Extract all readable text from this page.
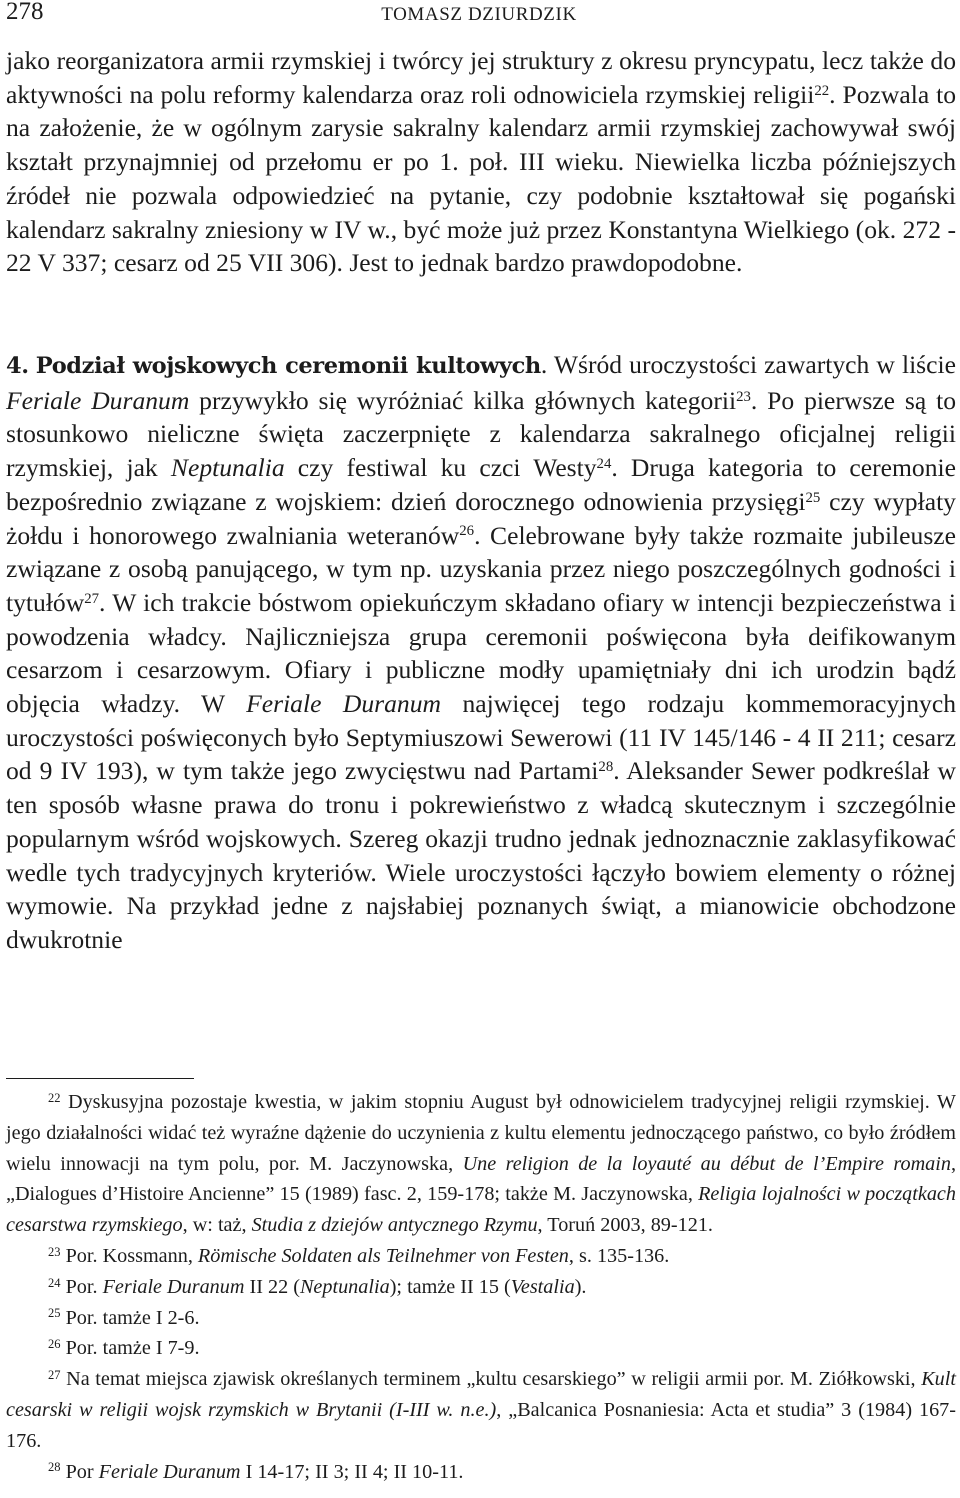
278	TOMASZ DZIURDZIK

jako reorganizatora armii rzymskiej i twórcy jej struktury z okresu pryncypatu, lecz także do aktywności na polu reformy kalendarza oraz roli odnowiciela rzymskiej religii$^{22}$. Pozwala to na założenie, że w ogólnym zarysie sakralny kalendarz armii rzymskiej zachowywał swój kształt przynajmniej od przełomu er po 1. poł. III wieku. Niewielka liczba późniejszych źródeł nie pozwala odpowiedzieć na pytanie, czy podobnie kształtował się pogański kalendarz sakralny zniesiony w IV w., być może już przez Konstantyna Wielkiego (ok. 272 - 22 V 337; cesarz od 25 VII 306). Jest to jednak bardzo prawdopodobne.

4. Podział wojskowych ceremonii kultowych. Wśród uroczystości zawartych w liście Feriale Duranum przywykło się wyróżniać kilka głównych kategorii$^{23}$. Po pierwsze są to stosunkowo nieliczne święta zaczerpnięte z kalendarza sakralnego oficjalnej religii rzymskiej, jak Neptunalia czy festiwal ku czci Westy$^{24}$. Druga kategoria to ceremonie bezpośrednio związane z wojskiem: dzień dorocznego odnowienia przysięgi$^{25}$ czy wypłaty żołdu i honorowego zwalniania weteranów$^{26}$. Celebrowane były także rozmaite jubileusze związane z osobą panującego, w tym np. uzyskania przez niego poszczególnych godności i tytułów$^{27}$. W ich trakcie bóstwom opiekuńczym składano ofiary w intencji bezpieczeństwa i powodzenia władcy. Najliczniejsza grupa ceremonii poświęcona była deifikowanym cesarzom i cesarzowym. Ofiary i publiczne modły upamiętniały dni ich urodzin bądź objęcia władzy. W Feriale Duranum najwięcej tego rodzaju kommemoracyjnych uroczystości poświęconych było Septymiuszowi Sewerowi (11 IV 145/146 - 4 II 211; cesarz od 9 IV 193), w tym także jego zwycięstwu nad Partami$^{28}$. Aleksander Sewer podkreślał w ten sposób własne prawa do tronu i pokrewieństwo z władcą skutecznym i szczególnie popularnym wśród wojskowych. Szereg okazji trudno jednak jednoznacznie zaklasyfikować wedle tych tradycyjnych kryteriów. Wiele uroczystości łączyło bowiem elementy o różnej wymowie. Na przykład jedne z najsłabiej poznanych świąt, a mianowicie obchodzone dwukrotnie

$^{22}$ Dyskusyjna pozostaje kwestia, w jakim stopniu August był odnowicielem tradycyjnej religii rzymskiej. W jego działalności widać też wyraźne dążenie do uczynienia z kultu elementu jednoczącego państwo, co było źródłem wielu innowacji na tym polu, por. M. Jaczynowska, Une religion de la loyauté au début de l’Empire romain, „Dialogues d’Histoire Ancienne” 15 (1989) fasc. 2, 159-178; także M. Jaczynowska, Religia lojalności w początkach cesarstwa rzymskiego, w: taż, Studia z dziejów antycznego Rzymu, Toruń 2003, 89-121.

$^{23}$ Por. Kossmann, Römische Soldaten als Teilnehmer von Festen, s. 135-136.

$^{24}$ Por. Feriale Duranum II 22 (Neptunalia); tamże II 15 (Vestalia).

$^{25}$ Por. tamże I 2-6.

$^{26}$ Por. tamże I 7-9.

$^{27}$ Na temat miejsca zjawisk określanych terminem „kultu cesarskiego” w religii armii por. M. Ziółkowski, Kult cesarski w religii wojsk rzymskich w Brytanii (I-III w. n.e.), „Balcanica Posnaniesia: Acta et studia” 3 (1984) 167-176.

$^{28}$ Por Feriale Duranum I 14-17; II 3; II 4; II 10-11.
